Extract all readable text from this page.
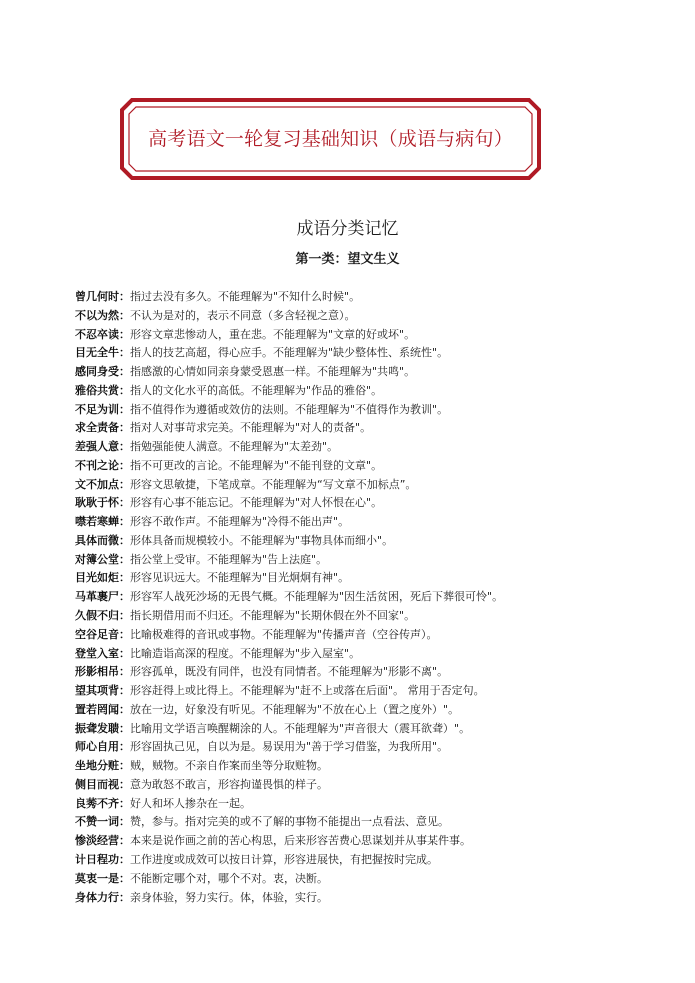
高考语文一轮复习基础知识（成语与病句）
成语分类记忆
第一类：望文生义
曾几何时：指过去没有多久。不能理解为"不知什么时候"。
不以为然：不认为是对的，表示不同意（多含轻视之意）。
不忍卒读：形容文章悲惨动人，重在悲。不能理解为"文章的好或坏"。
目无全牛：指人的技艺高超，得心应手。不能理解为"缺少整体性、系统性"。
感同身受：指感激的心情如同亲身蒙受恩惠一样。不能理解为"共鸣"。
雅俗共赏：指人的文化水平的高低。不能理解为"作品的雅俗"。
不足为训：指不值得作为遵循或效仿的法则。不能理解为"不值得作为教训"。
求全责备：指对人对事苛求完美。不能理解为"对人的责备"。
差强人意：指勉强能使人满意。不能理解为"太差劲"。
不刊之论：指不可更改的言论。不能理解为"不能刊登的文章"。
文不加点：形容文思敏捷，下笔成章。不能理解为“写文章不加标点”。
耿耿于怀：形容有心事不能忘记。不能理解为"对人怀恨在心"。
噤若寒蝉：形容不敢作声。不能理解为"冷得不能出声"。
具体而微：形体具备而规模较小。不能理解为"事物具体而细小"。
对簿公堂：指公堂上受审。不能理解为"告上法庭"。
目光如炬：形容见识远大。不能理解为"目光炯炯有神"。
马革裹尸：形容军人战死沙场的无畏气概。不能理解为"因生活贫困，死后下葬很可怜"。
久假不归：指长期借用而不归还。不能理解为"长期休假在外不回家"。
空谷足音：比喻极难得的音讯或事物。不能理解为"传播声音（空谷传声）。
登堂入室：比喻造诣高深的程度。不能理解为"步入屋室"。
形影相吊：形容孤单，既没有同伴，也没有同情者。不能理解为"形影不离"。
望其项背：形容赶得上或比得上。不能理解为"赶不上或落在后面"。 常用于否定句。
置若罔闻：放在一边，好象没有听见。不能理解为"不放在心上（置之度外）"。
振聋发聩：比喻用文学语言唤醒糊涂的人。不能理解为"声音很大（震耳欲聋）"。
师心自用：形容固执己见，自以为是。易误用为"善于学习借鉴，为我所用"。
坐地分赃：贼，贼物。不亲自作案而坐等分取赃物。
侧目而视：意为敢怒不敢言，形容拘谨畏惧的样子。
良莠不齐：好人和坏人掺杂在一起。
不赞一词：赞，参与。指对完美的或不了解的事物不能提出一点看法、意见。
惨淡经营：本来是说作画之前的苦心构思，后来形容苦费心思谋划并从事某件事。
计日程功：工作进度或成效可以按日计算，形容进展快，有把握按时完成。
莫衷一是：不能断定哪个对，哪个不对。衷，决断。
身体力行：亲身体验，努力实行。体，体验，实行。
